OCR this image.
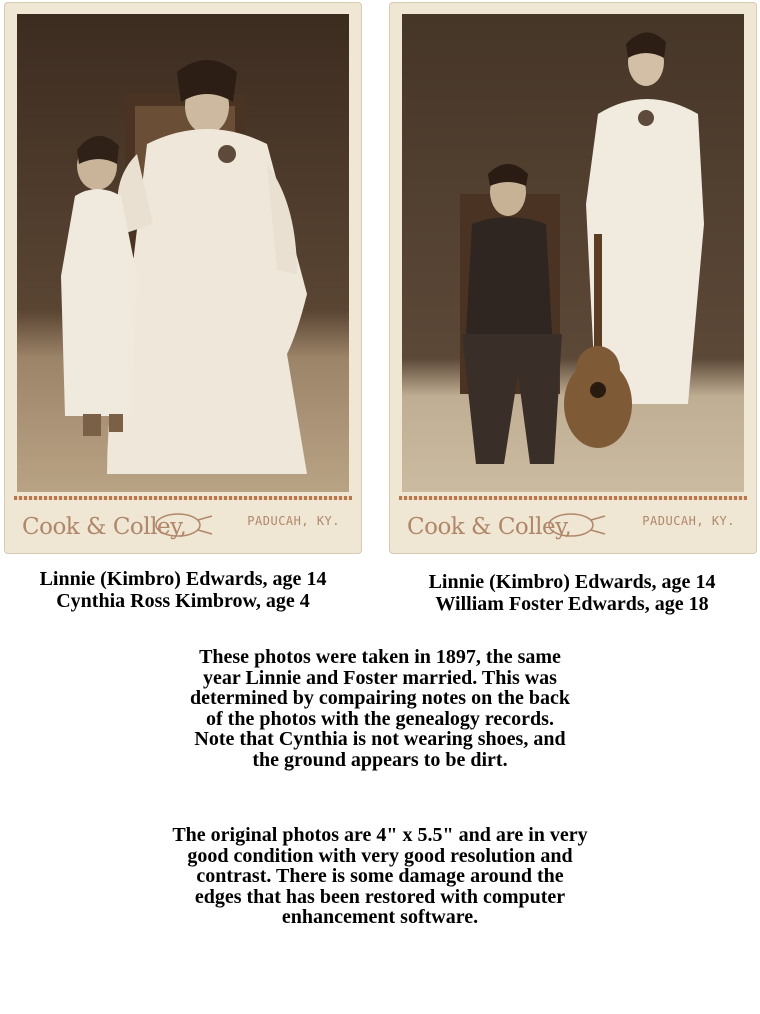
Cook & Colley,	PADUCAH, KY.	Cook & Colley,	PADUCAH, KY.
Linnie (Kimbro) Edwards, age 14
Cynthia Ross Kimbrow, age 4
Linnie (Kimbro) Edwards, age 14
William Foster Edwards, age 18
These photos were taken in 1897, the same
year Linnie and Foster married. This was
determined by compairing notes on the back
of the photos with the genealogy records.
Note that Cynthia is not wearing shoes, and
the ground appears to be dirt.
The original photos are 4" x 5.5" and are in very
good condition with very good resolution and
contrast. There is some damage around the
edges that has been restored with computer
enhancement software.
